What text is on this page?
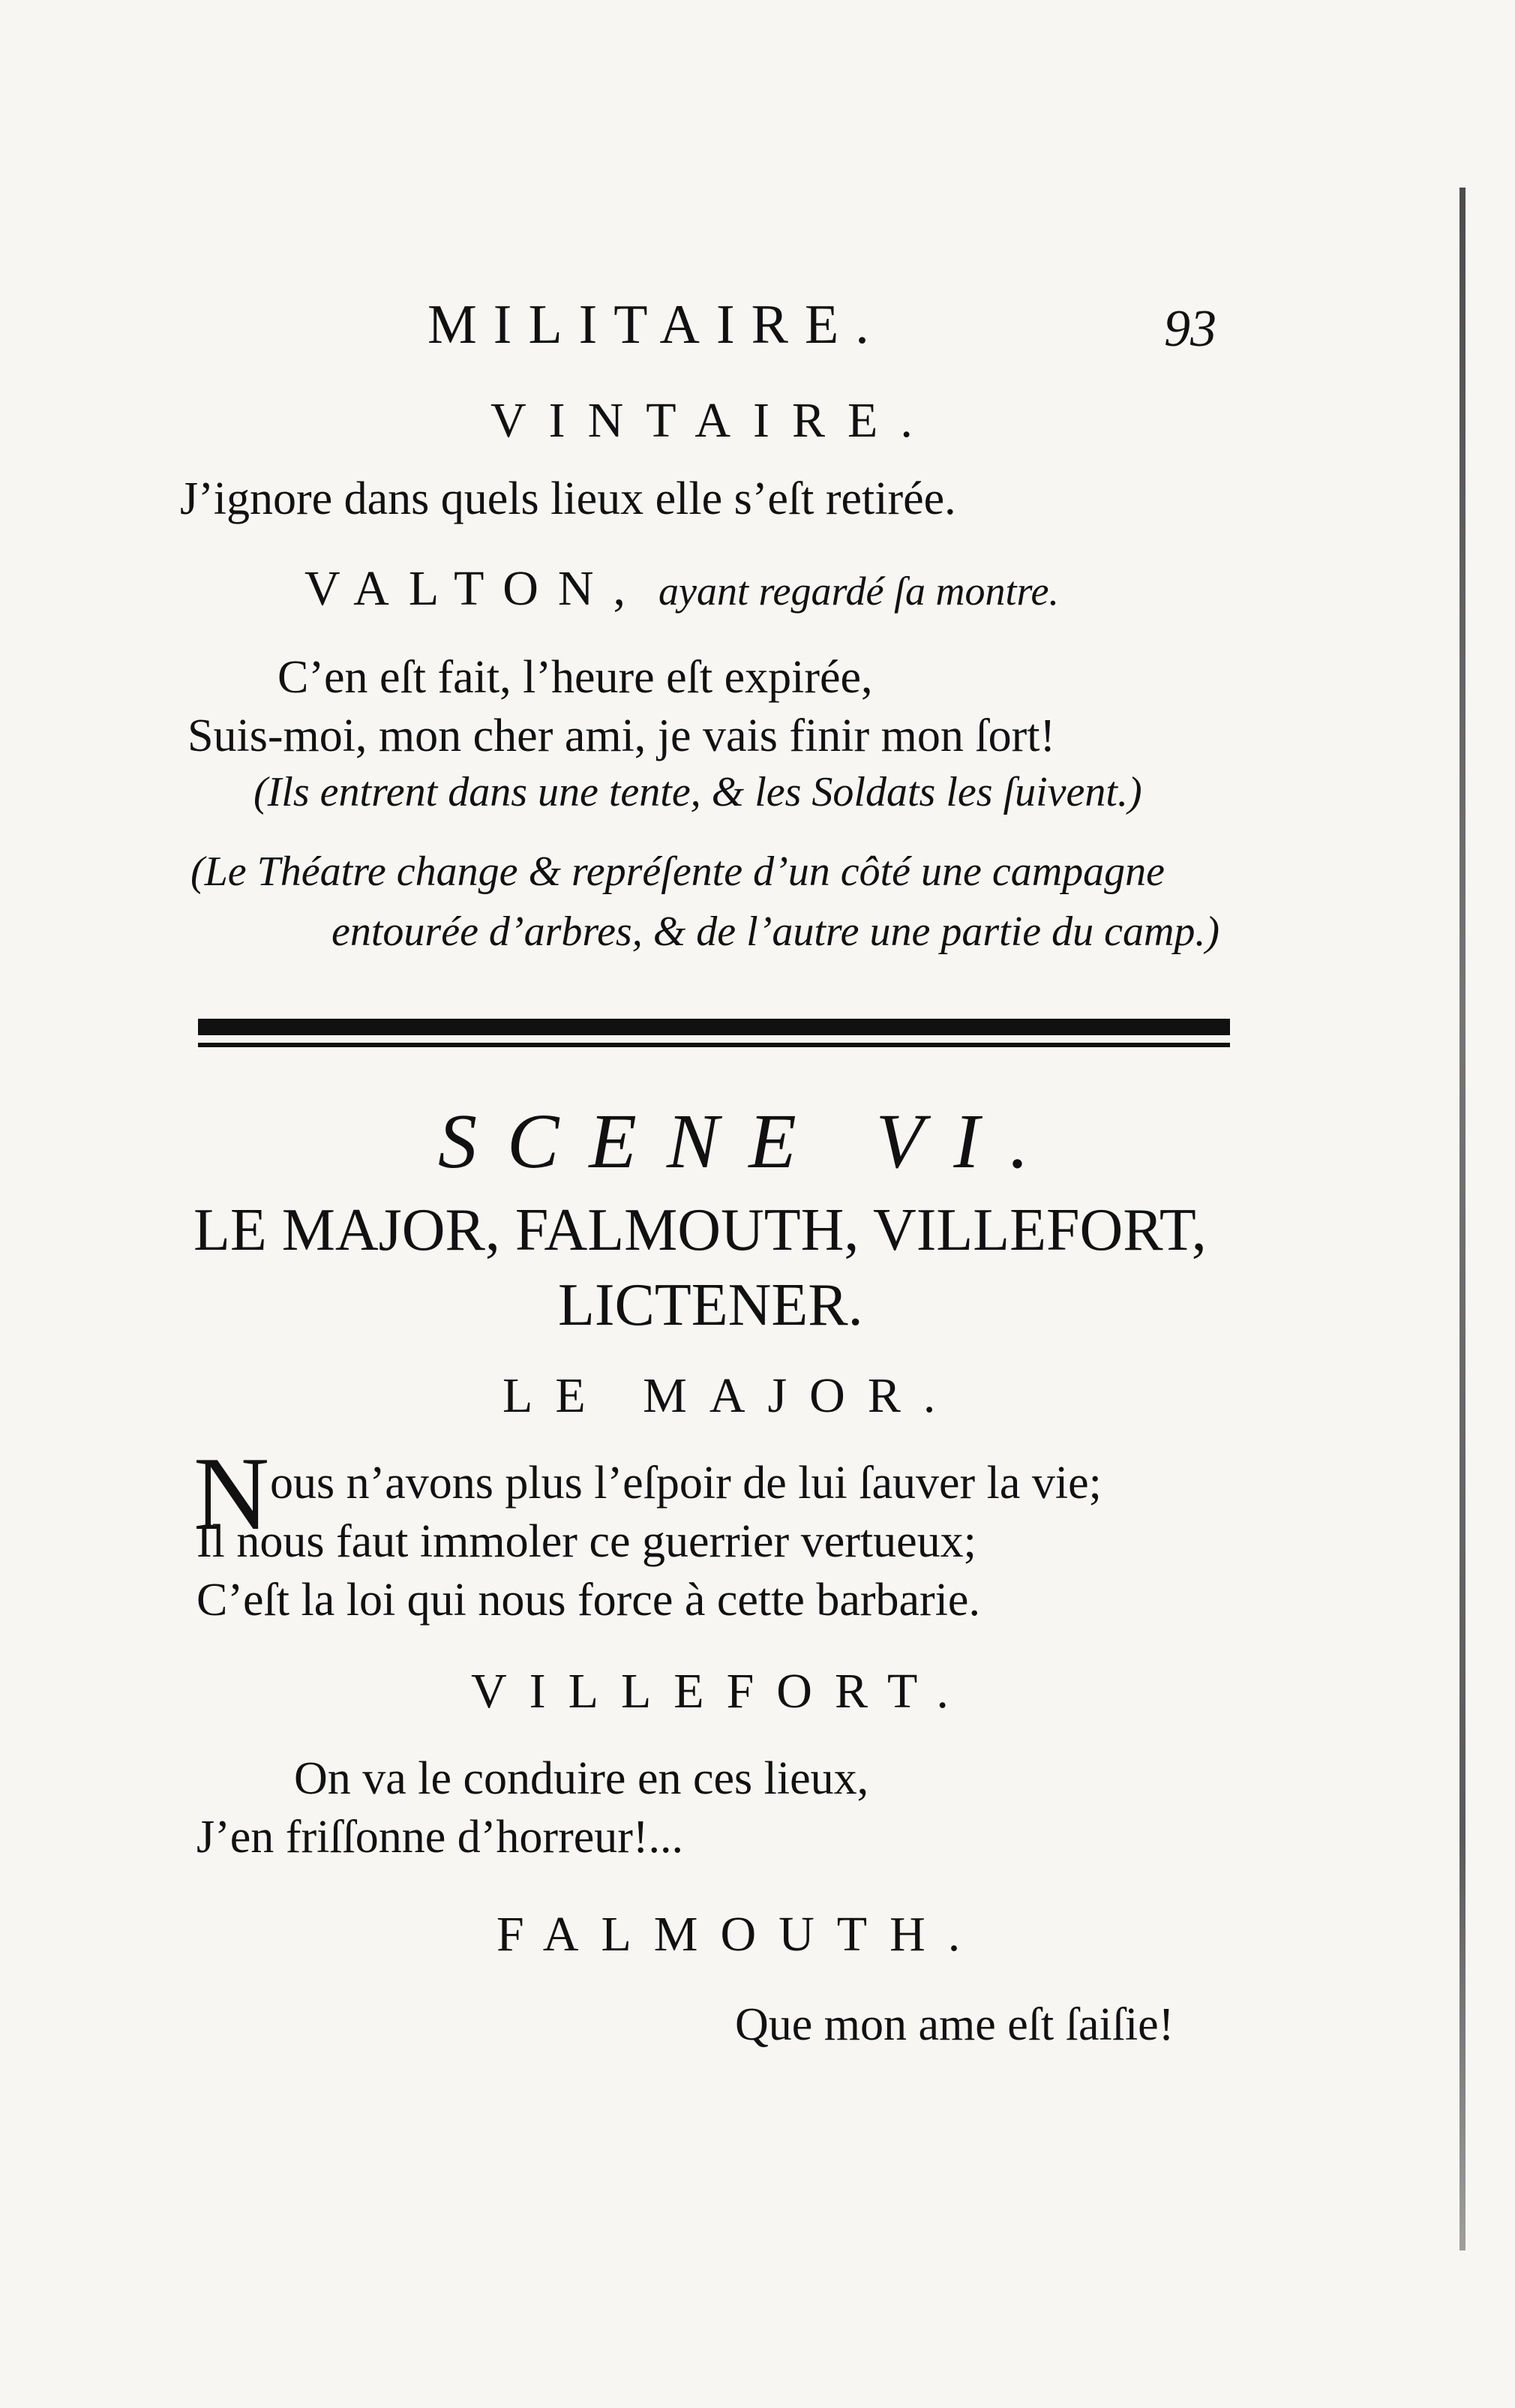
MILITAIRE.	93
VINTAIRE.
J’ignore dans quels lieux elle s’eſt retirée.
VALTON, ayant regardé ſa montre.
C’en eſt fait, l’heure eſt expirée,
Suis-moi, mon cher ami, je vais finir mon ſort!
(Ils entrent dans une tente, & les Soldats les ſuivent.)
(Le Théatre change & repréſente d’un côté une campagne
entourée d’arbres, & de l’autre une partie du camp.)
SCENE VI.
LE MAJOR, FALMOUTH, VILLEFORT,
LICTENER.
LE MAJOR.
N ous n’avons plus l’eſpoir de lui ſauver la vie;
Il nous faut immoler ce guerrier vertueux;
C’eſt la loi qui nous force à cette barbarie.
VILLEFORT.
On va le conduire en ces lieux,
J’en friſſonne d’horreur!...
FALMOUTH.
Que mon ame eſt ſaiſie!
